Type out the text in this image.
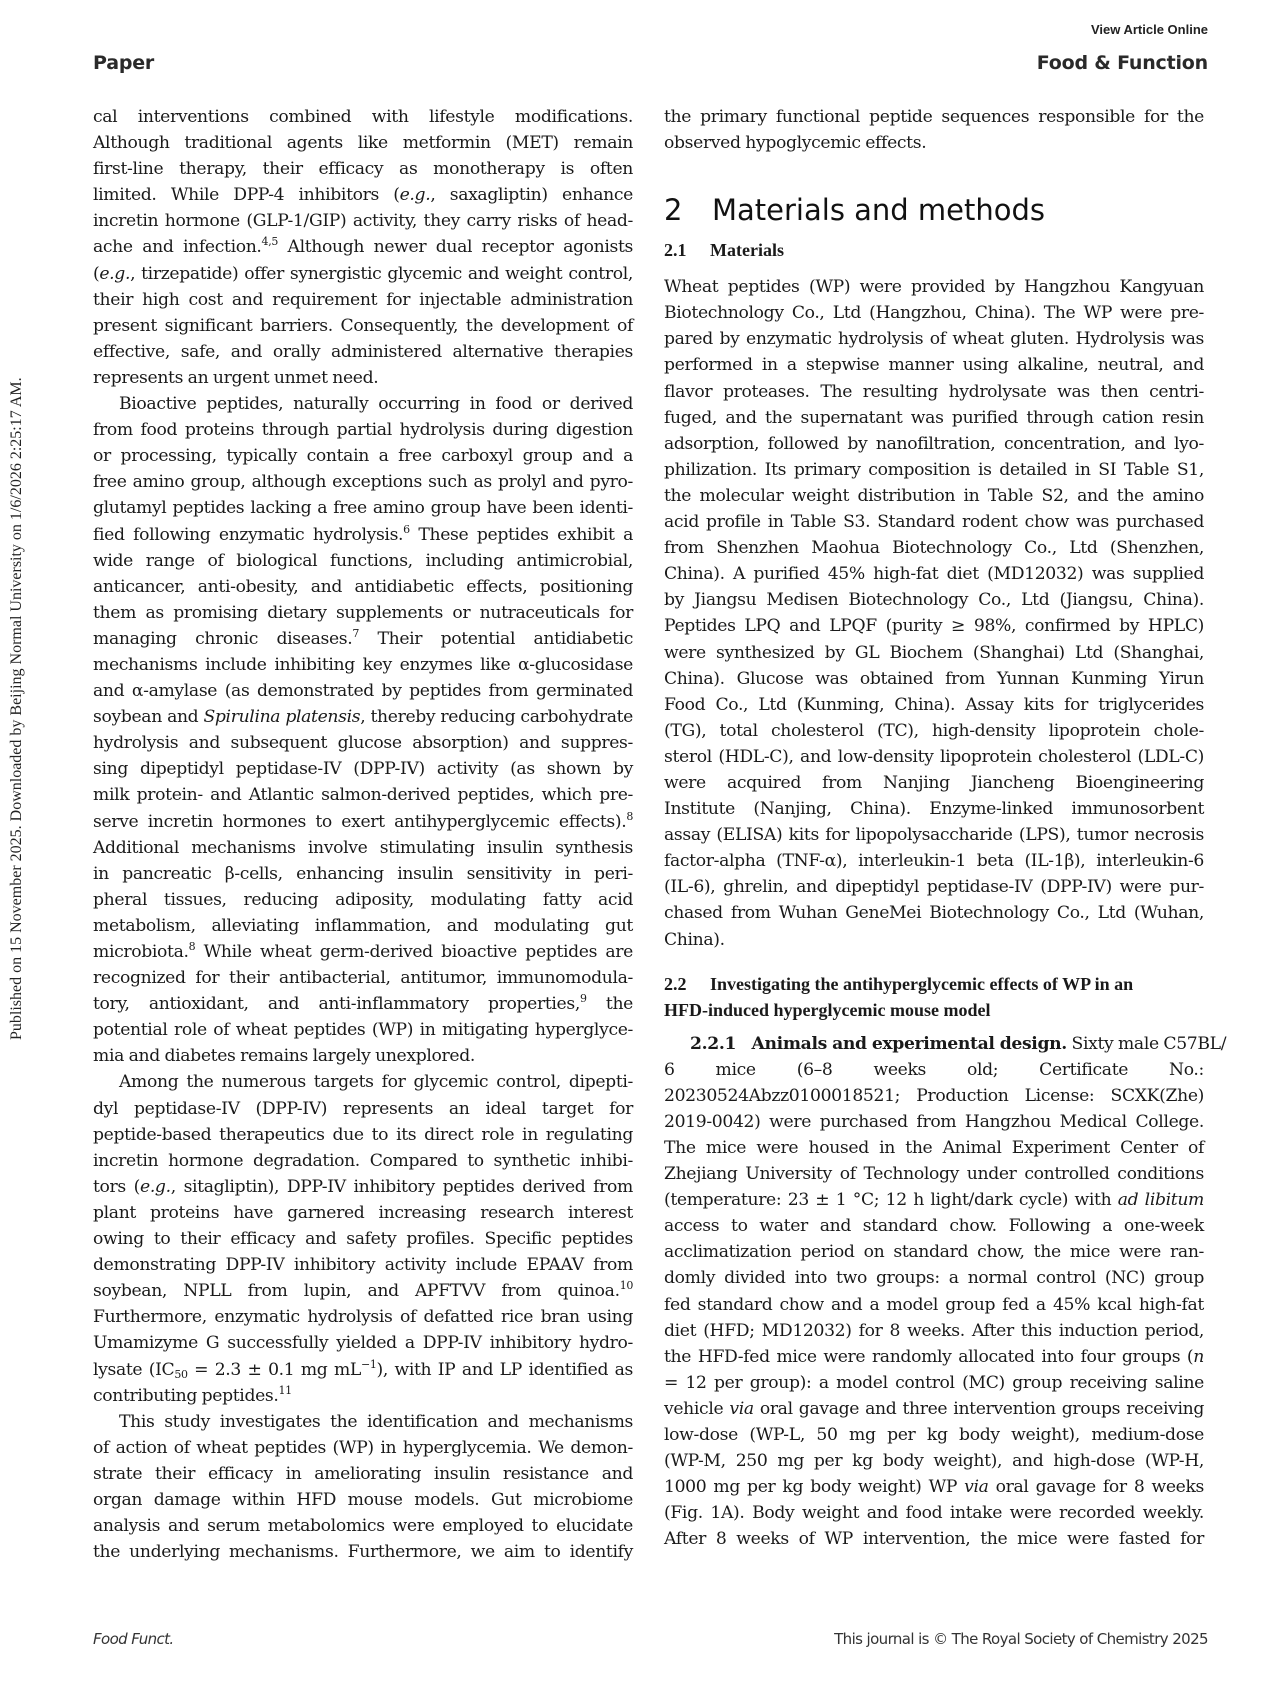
View Article Online
Paper	Food & Function
Published on 15 November 2025. Downloaded by Beijing Normal University on 1/6/2026 2:25:17 AM.
cal interventions combined with lifestyle modifications.
Although traditional agents like metformin (MET) remain
first-line therapy, their efficacy as monotherapy is often
limited. While DPP-4 inhibitors (e.g., saxagliptin) enhance
incretin hormone (GLP-1/GIP) activity, they carry risks of head-
ache and infection.$^{4,5}$ Although newer dual receptor agonists
(e.g., tirzepatide) offer synergistic glycemic and weight control,
their high cost and requirement for injectable administration
present significant barriers. Consequently, the development of
effective, safe, and orally administered alternative therapies
represents an urgent unmet need.
Bioactive peptides, naturally occurring in food or derived
from food proteins through partial hydrolysis during digestion
or processing, typically contain a free carboxyl group and a
free amino group, although exceptions such as prolyl and pyro-
glutamyl peptides lacking a free amino group have been identi-
fied following enzymatic hydrolysis.$^6$ These peptides exhibit a
wide range of biological functions, including antimicrobial,
anticancer, anti-obesity, and antidiabetic effects, positioning
them as promising dietary supplements or nutraceuticals for
managing chronic diseases.$^7$ Their potential antidiabetic
mechanisms include inhibiting key enzymes like α-glucosidase
and α-amylase (as demonstrated by peptides from germinated
soybean and Spirulina platensis, thereby reducing carbohydrate
hydrolysis and subsequent glucose absorption) and suppres-
sing dipeptidyl peptidase-IV (DPP-IV) activity (as shown by
milk protein- and Atlantic salmon-derived peptides, which pre-
serve incretin hormones to exert antihyperglycemic effects).$^8$
Additional mechanisms involve stimulating insulin synthesis
in pancreatic β-cells, enhancing insulin sensitivity in peri-
pheral tissues, reducing adiposity, modulating fatty acid
metabolism, alleviating inflammation, and modulating gut
microbiota.$^8$ While wheat germ-derived bioactive peptides are
recognized for their antibacterial, antitumor, immunomodula-
tory, antioxidant, and anti-inflammatory properties,$^9$ the
potential role of wheat peptides (WP) in mitigating hyperglyce-
mia and diabetes remains largely unexplored.
Among the numerous targets for glycemic control, dipepti-
dyl peptidase-IV (DPP-IV) represents an ideal target for
peptide-based therapeutics due to its direct role in regulating
incretin hormone degradation. Compared to synthetic inhibi-
tors (e.g., sitagliptin), DPP-IV inhibitory peptides derived from
plant proteins have garnered increasing research interest
owing to their efficacy and safety profiles. Specific peptides
demonstrating DPP-IV inhibitory activity include EPAAV from
soybean, NPLL from lupin, and APFTVV from quinoa.$^{10}$
Furthermore, enzymatic hydrolysis of defatted rice bran using
Umamizyme G successfully yielded a DPP-IV inhibitory hydro-
lysate ($IC_{50} = 2.3 \pm 0.1$ mg $mL^{-1}$), with IP and LP identified as
contributing peptides.$^{11}$
This study investigates the identification and mechanisms
of action of wheat peptides (WP) in hyperglycemia. We demon-
strate their efficacy in ameliorating insulin resistance and
organ damage within HFD mouse models. Gut microbiome
analysis and serum metabolomics were employed to elucidate
the underlying mechanisms. Furthermore, we aim to identify
the primary functional peptide sequences responsible for the
observed hypoglycemic effects.
2 Materials and methods
2.1 Materials
Wheat peptides (WP) were provided by Hangzhou Kangyuan
Biotechnology Co., Ltd (Hangzhou, China). The WP were pre-
pared by enzymatic hydrolysis of wheat gluten. Hydrolysis was
performed in a stepwise manner using alkaline, neutral, and
flavor proteases. The resulting hydrolysate was then centri-
fuged, and the supernatant was purified through cation resin
adsorption, followed by nanofiltration, concentration, and lyo-
philization. Its primary composition is detailed in SI Table S1,
the molecular weight distribution in Table S2, and the amino
acid profile in Table S3. Standard rodent chow was purchased
from Shenzhen Maohua Biotechnology Co., Ltd (Shenzhen,
China). A purified 45% high-fat diet (MD12032) was supplied
by Jiangsu Medisen Biotechnology Co., Ltd (Jiangsu, China).
Peptides LPQ and LPQF (purity ≥ 98%, confirmed by HPLC)
were synthesized by GL Biochem (Shanghai) Ltd (Shanghai,
China). Glucose was obtained from Yunnan Kunming Yirun
Food Co., Ltd (Kunming, China). Assay kits for triglycerides
(TG), total cholesterol (TC), high-density lipoprotein chole-
sterol (HDL-C), and low-density lipoprotein cholesterol (LDL-C)
were acquired from Nanjing Jiancheng Bioengineering
Institute (Nanjing, China). Enzyme-linked immunosorbent
assay (ELISA) kits for lipopolysaccharide (LPS), tumor necrosis
factor-alpha (TNF-α), interleukin-1 beta (IL-1β), interleukin-6
(IL-6), ghrelin, and dipeptidyl peptidase-IV (DPP-IV) were pur-
chased from Wuhan GeneMei Biotechnology Co., Ltd (Wuhan,
China).
2.2 Investigating the antihyperglycemic effects of WP in an
HFD-induced hyperglycemic mouse model
2.2.1 Animals and experimental design. Sixty male C57BL/
6 mice (6–8 weeks old; Certificate No.:
20230524Abzz0100018521; Production License: SCXK(Zhe)
2019-0042) were purchased from Hangzhou Medical College.
The mice were housed in the Animal Experiment Center of
Zhejiang University of Technology under controlled conditions
(temperature: 23 ± 1 °C; 12 h light/dark cycle) with ad libitum
access to water and standard chow. Following a one-week
acclimatization period on standard chow, the mice were ran-
domly divided into two groups: a normal control (NC) group
fed standard chow and a model group fed a 45% kcal high-fat
diet (HFD; MD12032) for 8 weeks. After this induction period,
the HFD-fed mice were randomly allocated into four groups (n
= 12 per group): a model control (MC) group receiving saline
vehicle via oral gavage and three intervention groups receiving
low-dose (WP-L, 50 mg per kg body weight), medium-dose
(WP-M, 250 mg per kg body weight), and high-dose (WP-H,
1000 mg per kg body weight) WP via oral gavage for 8 weeks
(Fig. 1A). Body weight and food intake were recorded weekly.
After 8 weeks of WP intervention, the mice were fasted for
Food Funct.	This journal is © The Royal Society of Chemistry 2025
